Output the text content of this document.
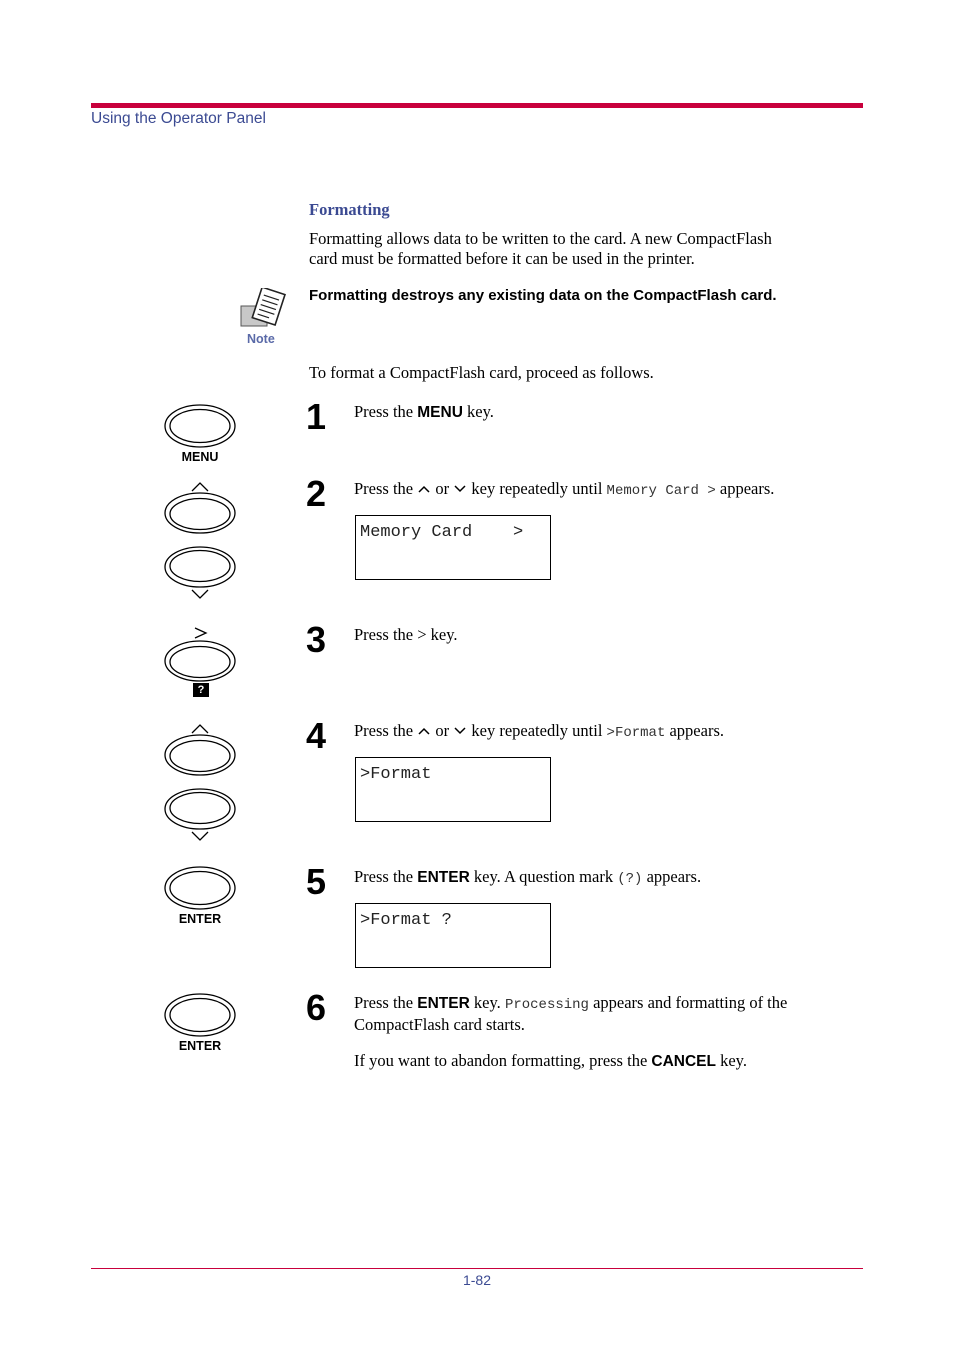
Using the Operator Panel
Formatting
Formatting allows data to be written to the card. A new CompactFlash
card must be formatted before it can be used in the printer.
Note
Formatting destroys any existing data on the CompactFlash card.
To format a CompactFlash card, proceed as follows.
MENU
?
ENTER
ENTER
1 Press the MENU key.
2 Press the  or  key repeatedly until Memory Card > appears.
Memory Card    >
3 Press the > key.
4 Press the  or  key repeatedly until >Format appears.
>Format
5 Press the ENTER key. A question mark (?) appears.
>Format ?
6 Press the ENTER key. Processing appears and formatting of the
CompactFlash card starts.
If you want to abandon formatting, press the CANCEL key.
1-82
